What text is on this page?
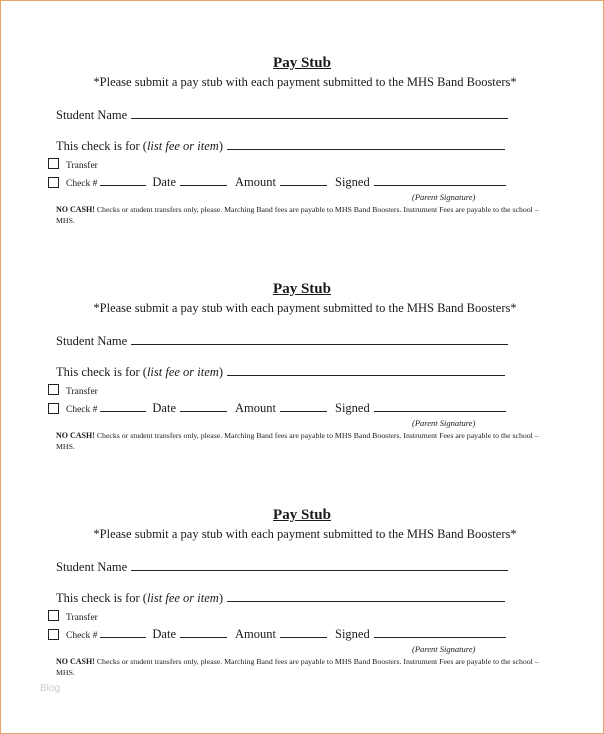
Pay Stub
*Please submit a pay stub with each payment submitted to the MHS Band Boosters*
Student Name
This check is for (list fee or item)
Transfer
Check #	Date	Amount	Signed
(Parent Signature)
NO CASH! Checks or student transfers only, please. Marching Band fees are payable to MHS Band Boosters. Instrument Fees are payable to the school – MHS.
Pay Stub
*Please submit a pay stub with each payment submitted to the MHS Band Boosters*
Student Name
This check is for (list fee or item)
Transfer
Check #	Date	Amount	Signed
(Parent Signature)
NO CASH! Checks or student transfers only, please. Marching Band fees are payable to MHS Band Boosters. Instrument Fees are payable to the school – MHS.
Pay Stub
*Please submit a pay stub with each payment submitted to the MHS Band Boosters*
Student Name
This check is for (list fee or item)
Transfer
Check #	Date	Amount	Signed
(Parent Signature)
NO CASH! Checks or student transfers only, please. Marching Band fees are payable to MHS Band Boosters. Instrument Fees are payable to the school – MHS.
Blog
